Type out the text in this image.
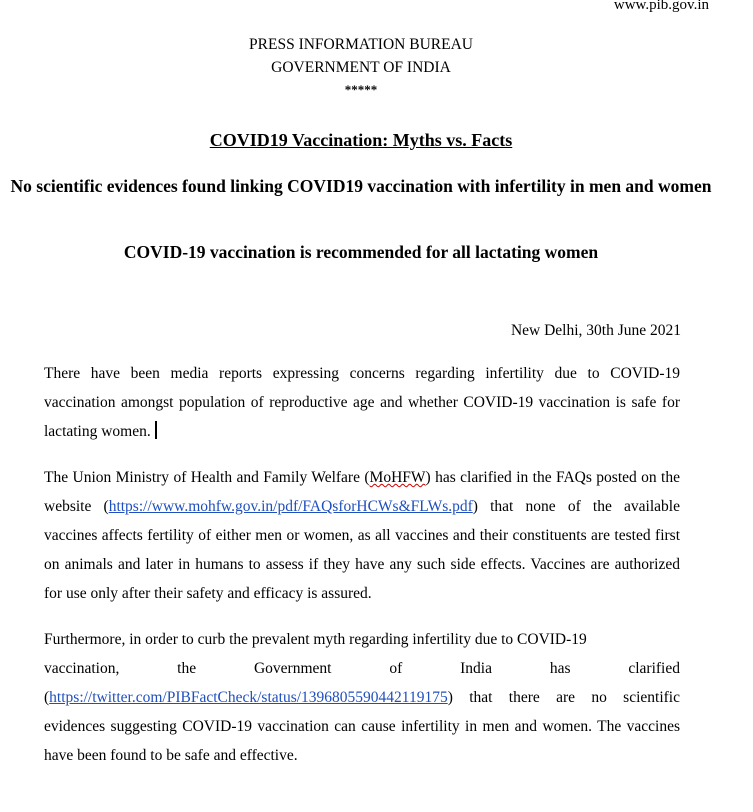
www.pib.gov.in
PRESS INFORMATION BUREAU
GOVERNMENT OF INDIA
*****
COVID19 Vaccination: Myths vs. Facts
No scientific evidences found linking COVID19 vaccination with infertility in men and women
COVID-19 vaccination is recommended for all lactating women
New Delhi, 30th June 2021

There have been media reports expressing concerns regarding infertility due to COVID-19 vaccination amongst population of reproductive age and whether COVID-19 vaccination is safe for lactating women.

The Union Ministry of Health and Family Welfare (MoHFW) has clarified in the FAQs posted on the website (https://www.mohfw.gov.in/pdf/FAQsforHCWs&FLWs.pdf) that none of the available vaccines affects fertility of either men or women, as all vaccines and their constituents are tested first on animals and later in humans to assess if they have any such side effects. Vaccines are authorized for use only after their safety and efficacy is assured.

Furthermore, in order to curb the prevalent myth regarding infertility due to COVID-19
vaccination, the Government of India has clarified
(https://twitter.com/PIBFactCheck/status/1396805590442119175) that there are no scientific evidences suggesting COVID-19 vaccination can cause infertility in men and women. The vaccines have been found to be safe and effective.
